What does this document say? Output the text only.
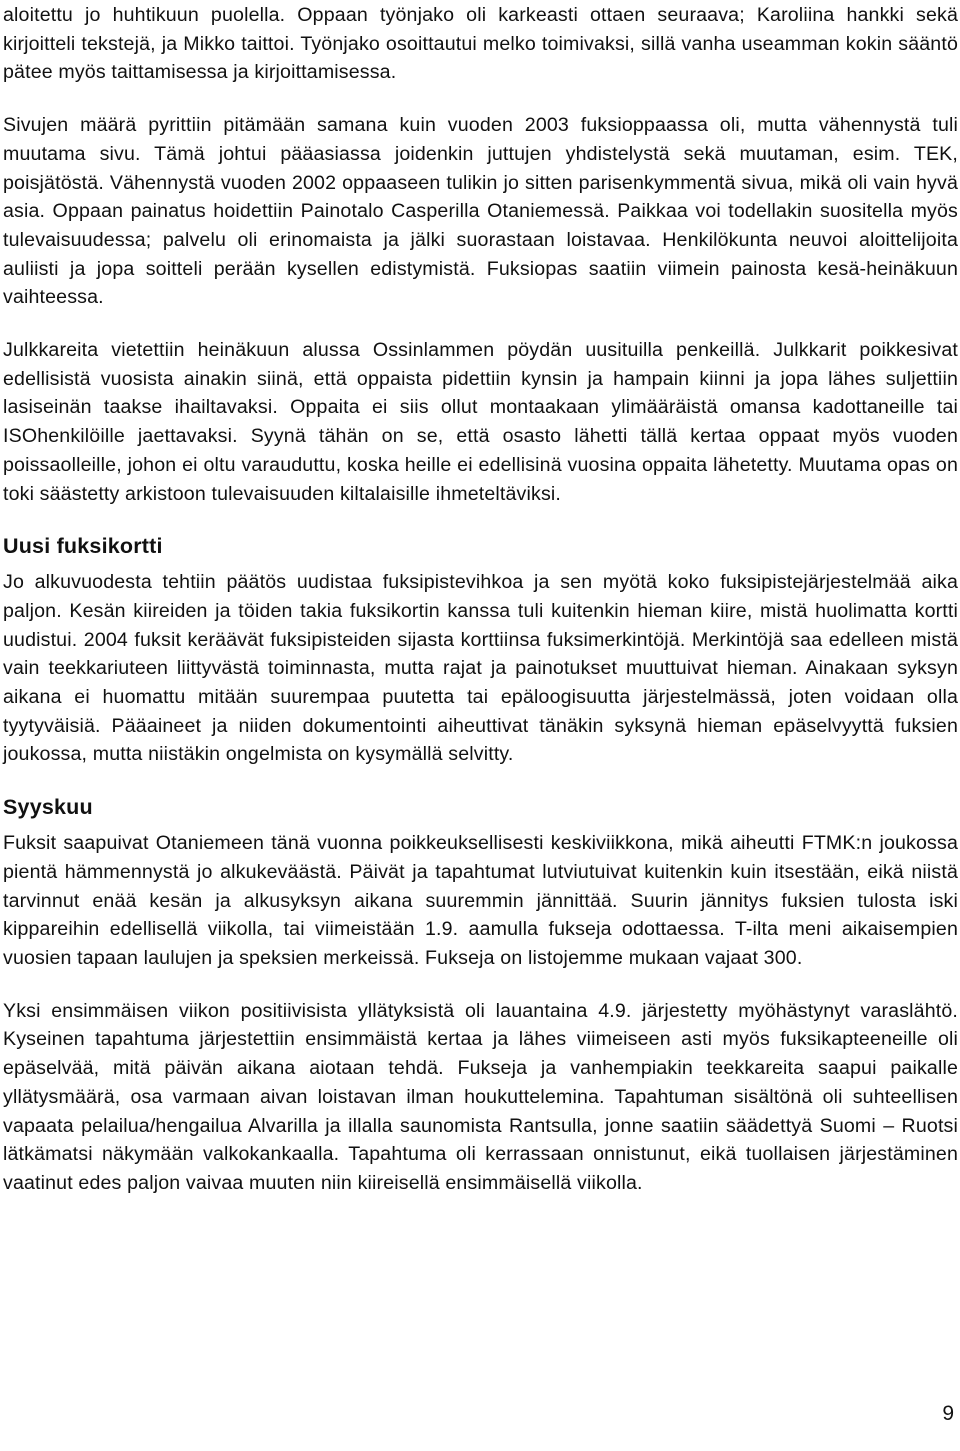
aloitettu jo huhtikuun puolella. Oppaan työnjako oli karkeasti ottaen seuraava; Karoliina hankki sekä kirjoitteli tekstejä, ja Mikko taittoi. Työnjako osoittautui melko toimivaksi, sillä vanha useamman kokin sääntö pätee myös taittamisessa ja kirjoittamisessa.

Sivujen määrä pyrittiin pitämään samana kuin vuoden 2003 fuksioppaassa oli, mutta vähennystä tuli muutama sivu. Tämä johtui pääasiassa joidenkin juttujen yhdistelystä sekä muutaman, esim. TEK, poisjätöstä. Vähennystä vuoden 2002 oppaaseen tulikin jo sitten parisenkymmentä sivua, mikä oli vain hyvä asia. Oppaan painatus hoidettiin Painotalo Casperilla Otaniemessä. Paikkaa voi todellakin suositella myös tulevaisuudessa; palvelu oli erinomaista ja jälki suorastaan loistavaa. Henkilökunta neuvoi aloittelijoita auliisti ja jopa soitteli perään kysellen edistymistä. Fuksiopas saatiin viimein painosta kesä-heinäkuun vaihteessa.

Julkkareita vietettiin heinäkuun alussa Ossinlammen pöydän uusituilla penkeillä. Julkkarit poikkesivat edellisistä vuosista ainakin siinä, että oppaista pidettiin kynsin ja hampain kiinni ja jopa lähes suljettiin lasiseinän taakse ihailtavaksi. Oppaita ei siis ollut montaakaan ylimääräistä omansa kadottaneille tai ISOhenkilöille jaettavaksi. Syynä tähän on se, että osasto lähetti tällä kertaa oppaat myös vuoden poissaolleille, johon ei oltu varauduttu, koska heille ei edellisinä vuosina oppaita lähetetty. Muutama opas on toki säästetty arkistoon tulevaisuuden kiltalaisille ihmeteltäviksi.

Uusi fuksikortti

Jo alkuvuodesta tehtiin päätös uudistaa fuksipistevihkoa ja sen myötä koko fuksipistejärjestelmää aika paljon. Kesän kiireiden ja töiden takia fuksikortin kanssa tuli kuitenkin hieman kiire, mistä huolimatta kortti uudistui. 2004 fuksit keräävät fuksipisteiden sijasta korttiinsa fuksimerkintöjä. Merkintöjä saa edelleen mistä vain teekkariuteen liittyvästä toiminnasta, mutta rajat ja painotukset muuttuivat hieman. Ainakaan syksyn aikana ei huomattu mitään suurempaa puutetta tai epäloogisuutta järjestelmässä, joten voidaan olla tyytyväisiä. Pääaineet ja niiden dokumentointi aiheuttivat tänäkin syksynä hieman epäselvyyttä fuksien joukossa, mutta niistäkin ongelmista on kysymällä selvitty.

Syyskuu

Fuksit saapuivat Otaniemeen tänä vuonna poikkeuksellisesti keskiviikkona, mikä aiheutti FTMK:n joukossa pientä hämmennystä jo alkukeväästä. Päivät ja tapahtumat lutviutuivat kuitenkin kuin itsestään, eikä niistä tarvinnut enää kesän ja alkusyksyn aikana suuremmin jännittää. Suurin jännitys fuksien tulosta iski kippareihin edellisellä viikolla, tai viimeistään 1.9. aamulla fukseja odottaessa. T-ilta meni aikaisempien vuosien tapaan laulujen ja speksien merkeissä. Fukseja on listojemme mukaan vajaat 300.

Yksi ensimmäisen viikon positiivisista yllätyksistä oli lauantaina 4.9. järjestetty myöhästynyt varaslähtö. Kyseinen tapahtuma järjestettiin ensimmäistä kertaa ja lähes viimeiseen asti myös fuksikapteeneille oli epäselvää, mitä päivän aikana aiotaan tehdä. Fukseja ja vanhempiakin teekkareita saapui paikalle yllätysmäärä, osa varmaan aivan loistavan ilman houkuttelemina. Tapahtuman sisältönä oli suhteellisen vapaata pelailua/hengailua Alvarilla ja illalla saunomista Rantsulla, jonne saatiin säädettyä Suomi – Ruotsi lätkämatsi näkymään valkokankaalla. Tapahtuma oli kerrassaan onnistunut, eikä tuollaisen järjestäminen vaatinut edes paljon vaivaa muuten niin kiireisellä ensimmäisellä viikolla.

9
